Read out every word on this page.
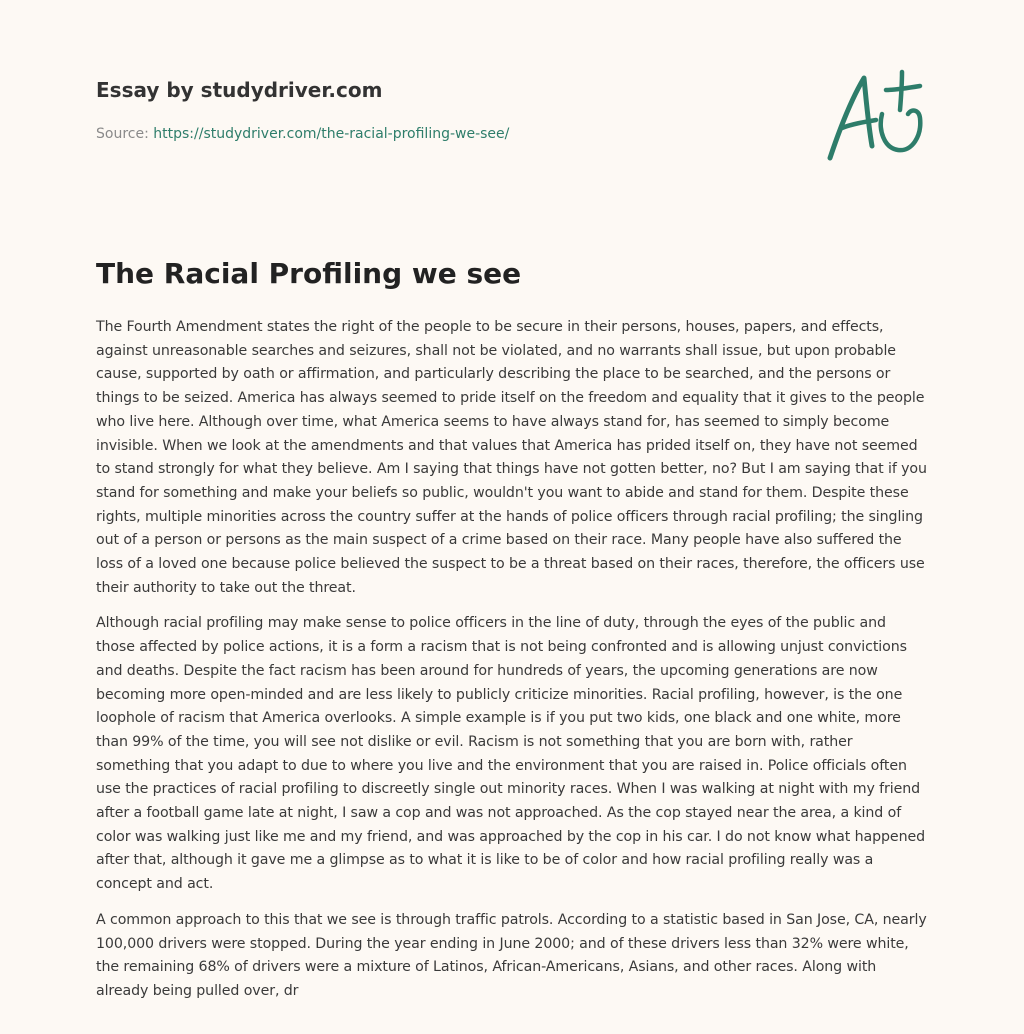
Essay by studydriver.com
Source: https://studydriver.com/the-racial-profiling-we-see/
The Racial Profiling we see

The Fourth Amendment states the right of the people to be secure in their persons, houses, papers, and effects, against unreasonable searches and seizures, shall not be violated, and no warrants shall issue, but upon probable cause, supported by oath or affirmation, and particularly describing the place to be searched, and the persons or things to be seized. America has always seemed to pride itself on the freedom and equality that it gives to the people who live here. Although over time, what America seems to have always stand for, has seemed to simply become invisible. When we look at the amendments and that values that America has prided itself on, they have not seemed to stand strongly for what they believe. Am I saying that things have not gotten better, no? But I am saying that if you stand for something and make your beliefs so public, wouldn't you want to abide and stand for them. Despite these rights, multiple minorities across the country suffer at the hands of police officers through racial profiling; the singling out of a person or persons as the main suspect of a crime based on their race. Many people have also suffered the loss of a loved one because police believed the suspect to be a threat based on their races, therefore, the officers use their authority to take out the threat.

Although racial profiling may make sense to police officers in the line of duty, through the eyes of the public and those affected by police actions, it is a form a racism that is not being confronted and is allowing unjust convictions and deaths. Despite the fact racism has been around for hundreds of years, the upcoming generations are now becoming more open-minded and are less likely to publicly criticize minorities. Racial profiling, however, is the one loophole of racism that America overlooks. A simple example is if you put two kids, one black and one white, more than 99% of the time, you will see not dislike or evil. Racism is not something that you are born with, rather something that you adapt to due to where you live and the environment that you are raised in. Police officials often use the practices of racial profiling to discreetly single out minority races. When I was walking at night with my friend after a football game late at night, I saw a cop and was not approached. As the cop stayed near the area, a kind of color was walking just like me and my friend, and was approached by the cop in his car. I do not know what happened after that, although it gave me a glimpse as to what it is like to be of color and how racial profiling really was a concept and act.

A common approach to this that we see is through traffic patrols. According to a statistic based in San Jose, CA, nearly 100,000 drivers were stopped. During the year ending in June 2000; and of these drivers less than 32% were white, the remaining 68% of drivers were a mixture of Latinos, African-Americans, Asians, and other races. Along with already being pulled over, dr
